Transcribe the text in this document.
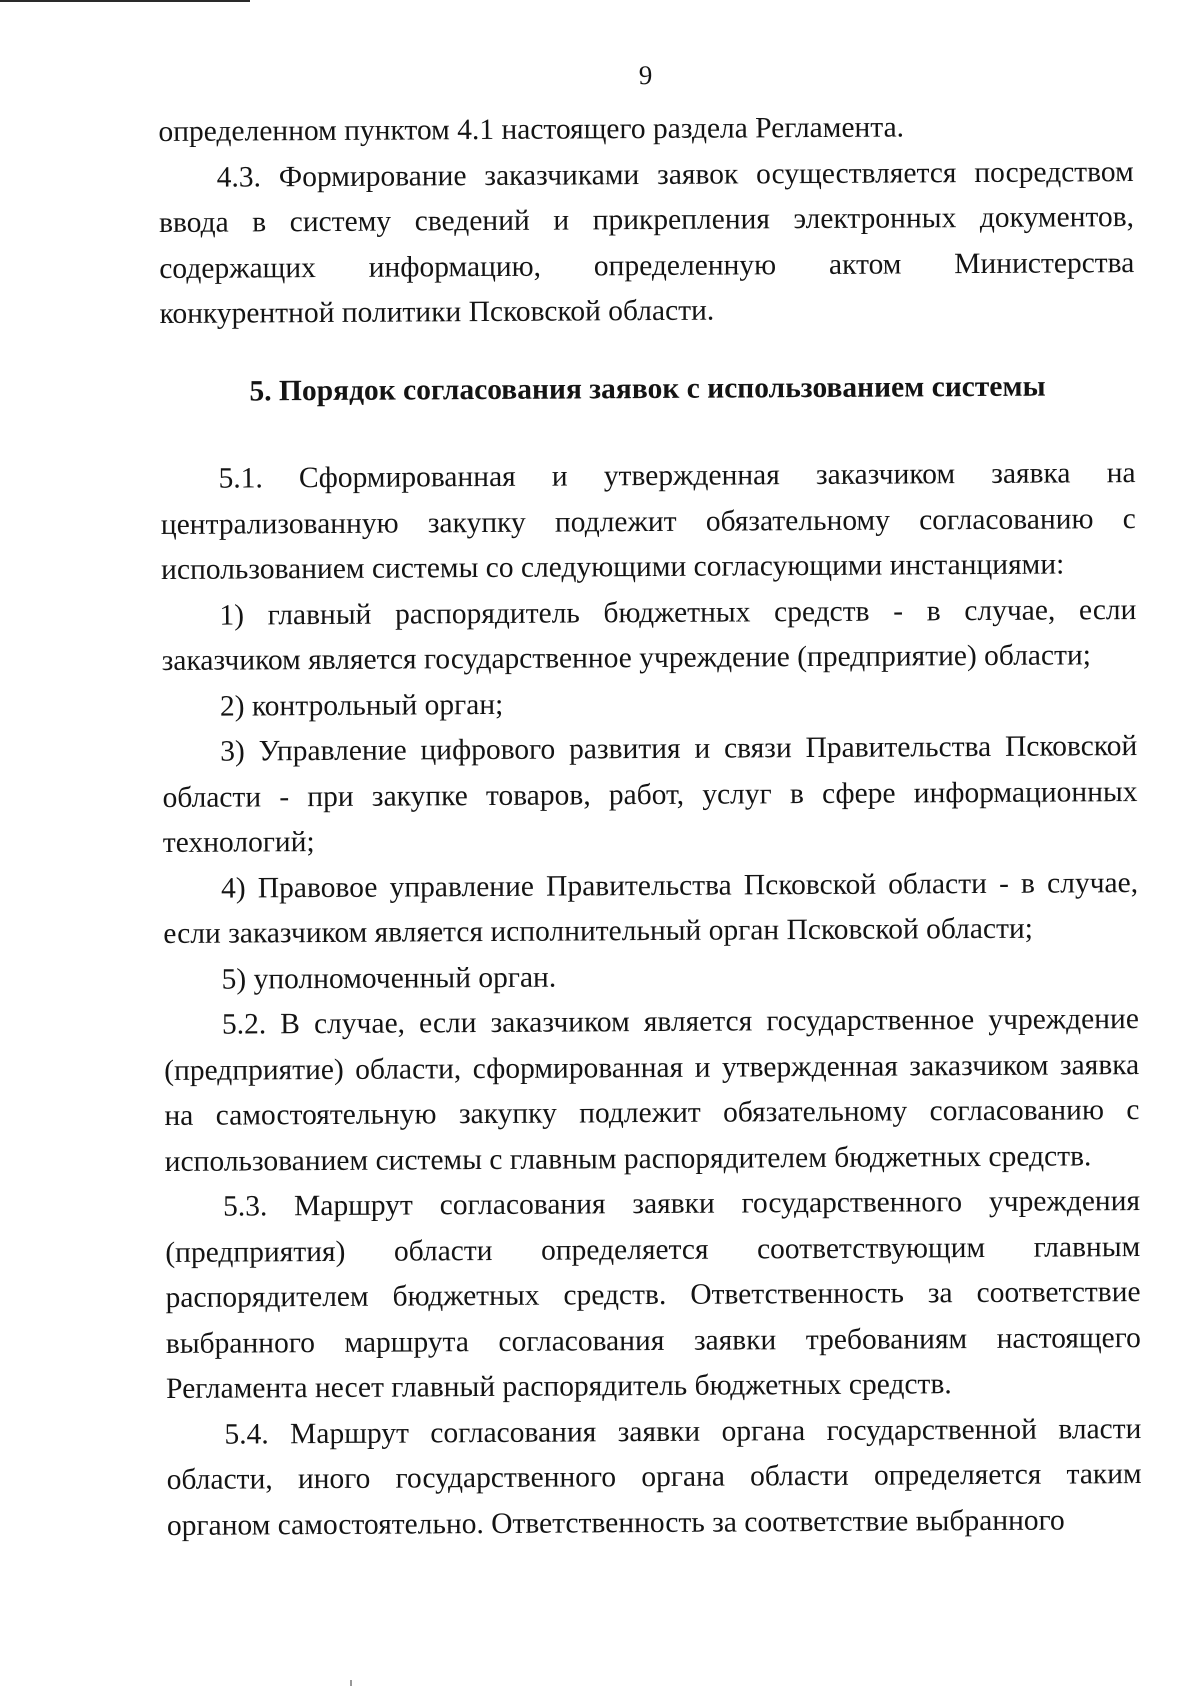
9

определенном пунктом 4.1 настоящего раздела Регламента.

4.3. Формирование заказчиками заявок осуществляется посредством ввода в систему сведений и прикрепления электронных документов, содержащих информацию, определенную актом Министерства конкурентной политики Псковской области.

5. Порядок согласования заявок с использованием системы

5.1. Сформированная и утвержденная заказчиком заявка на централизованную закупку подлежит обязательному согласованию с использованием системы со следующими согласующими инстанциями:

1) главный распорядитель бюджетных средств - в случае, если заказчиком является государственное учреждение (предприятие) области;

2) контрольный орган;

3) Управление цифрового развития и связи Правительства Псковской области - при закупке товаров, работ, услуг в сфере информационных технологий;

4) Правовое управление Правительства Псковской области - в случае, если заказчиком является исполнительный орган Псковской области;

5) уполномоченный орган.

5.2. В случае, если заказчиком является государственное учреждение (предприятие) области, сформированная и утвержденная заказчиком заявка на самостоятельную закупку подлежит обязательному согласованию с использованием системы с главным распорядителем бюджетных средств.

5.3. Маршрут согласования заявки государственного учреждения (предприятия) области определяется соответствующим главным распорядителем бюджетных средств. Ответственность за соответствие выбранного маршрута согласования заявки требованиям настоящего Регламента несет главный распорядитель бюджетных средств.

5.4. Маршрут согласования заявки органа государственной власти области, иного государственного органа области определяется таким органом самостоятельно. Ответственность за соответствие выбранного
